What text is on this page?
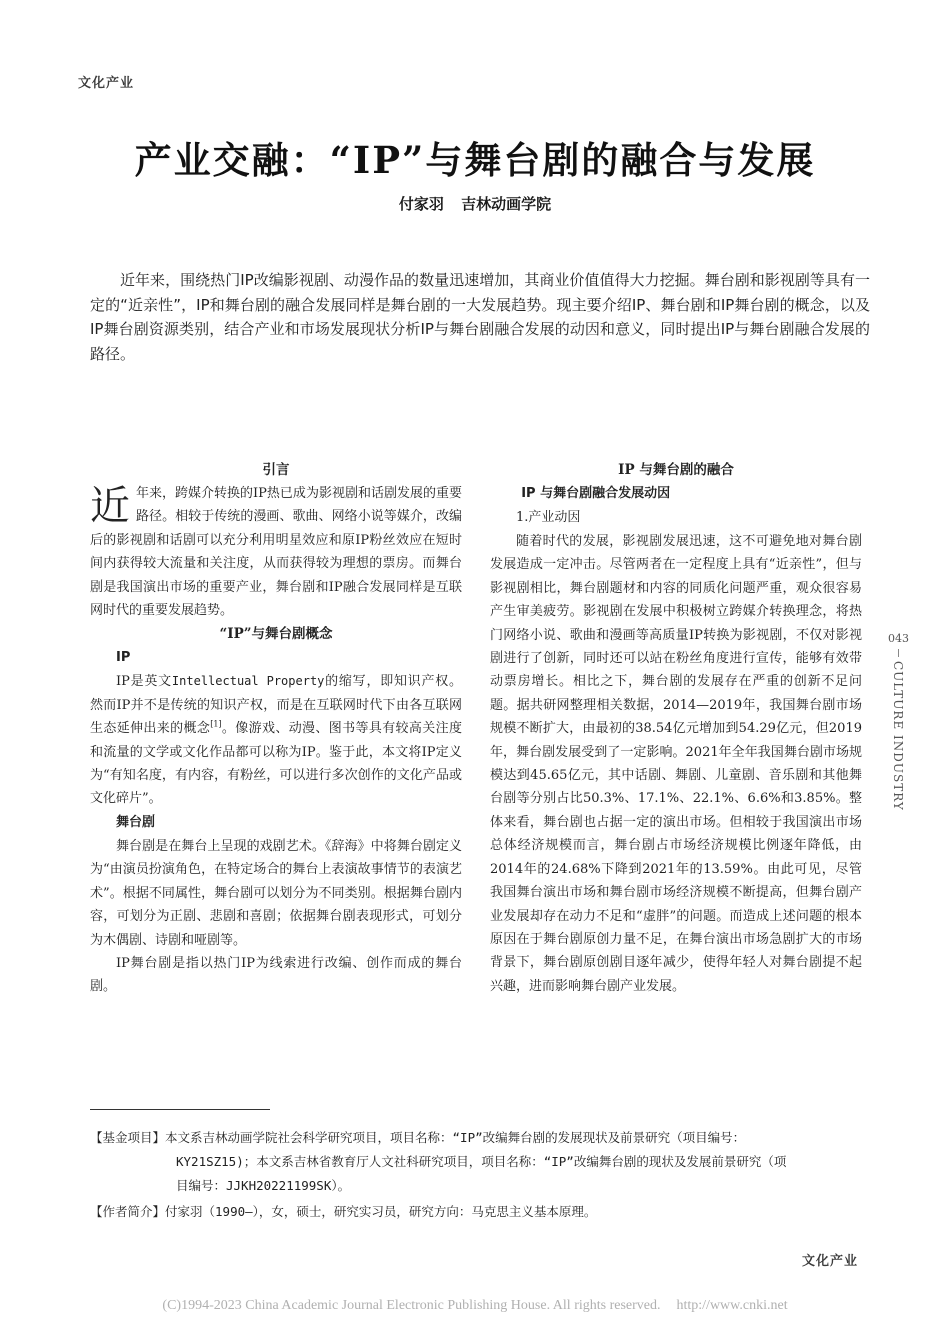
文化产业
产业交融：“IP”与舞台剧的融合与发展
付家羽 吉林动画学院
近年来，围绕热门IP改编影视剧、动漫作品的数量迅速增加，其商业价值值得大力挖掘。舞台剧和影视剧等具有一定的“近亲性”，IP和舞台剧的融合发展同样是舞台剧的一大发展趋势。现主要介绍IP、舞台剧和IP舞台剧的概念，以及IP舞台剧资源类别，结合产业和市场发展现状分析IP与舞台剧融合发展的动因和意义，同时提出IP与舞台剧融合发展的路径。
引言

近年来，跨媒介转换的IP热已成为影视剧和话剧发展的重要路径。相较于传统的漫画、歌曲、网络小说等媒介，改编后的影视剧和话剧可以充分利用明星效应和原IP粉丝效应在短时间内获得较大流量和关注度，从而获得较为理想的票房。而舞台剧是我国演出市场的重要产业，舞台剧和IP融合发展同样是互联网时代的重要发展趋势。

“IP”与舞台剧概念
IP

IP是英文Intellectual Property的缩写，即知识产权。然而IP并不是传统的知识产权，而是在互联网时代下由各互联网生态延伸出来的概念[1]。像游戏、动漫、图书等具有较高关注度和流量的文学或文化作品都可以称为IP。鉴于此，本文将IP定义为“有知名度，有内容，有粉丝，可以进行多次创作的文化产品或文化碎片”。

舞台剧

舞台剧是在舞台上呈现的戏剧艺术。《辞海》中将舞台剧定义为“由演员扮演角色，在特定场合的舞台上表演故事情节的表演艺术”。根据不同属性，舞台剧可以划分为不同类别。根据舞台剧内容，可划分为正剧、悲剧和喜剧；依据舞台剧表现形式，可划分为木偶剧、诗剧和哑剧等。

IP舞台剧是指以热门IP为线索进行改编、创作而成的舞台剧。

IP 与舞台剧的融合
IP 与舞台剧融合发展动因
1.产业动因

随着时代的发展，影视剧发展迅速，这不可避免地对舞台剧发展造成一定冲击。尽管两者在一定程度上具有“近亲性”，但与影视剧相比，舞台剧题材和内容的同质化问题严重，观众很容易产生审美疲劳。影视剧在发展中积极树立跨媒介转换理念，将热门网络小说、歌曲和漫画等高质量IP转换为影视剧，不仅对影视剧进行了创新，同时还可以站在粉丝角度进行宣传，能够有效带动票房增长。相比之下，舞台剧的发展存在严重的创新不足问题。据共研网整理相关数据，2014—2019年，我国舞台剧市场规模不断扩大，由最初的38.54亿元增加到54.29亿元，但2019年，舞台剧发展受到了一定影响。2021年全年我国舞台剧市场规模达到45.65亿元，其中话剧、舞剧、儿童剧、音乐剧和其他舞台剧等分别占比50.3%、17.1%、22.1%、6.6%和3.85%。整体来看，舞台剧也占据一定的演出市场。但相较于我国演出市场总体经济规模而言，舞台剧占市场经济规模比例逐年降低，由2014年的24.68%下降到2021年的13.59%。由此可见，尽管我国舞台演出市场和舞台剧市场经济规模不断提高，但舞台剧产业发展却存在动力不足和“虚胖”的问题。而造成上述问题的根本原因在于舞台剧原创力量不足，在舞台演出市场急剧扩大的市场背景下，舞台剧原创剧目逐年减少，使得年轻人对舞台剧提不起兴趣，进而影响舞台剧产业发展。

043
CULTURE INDUSTRY
【基金项目】 本文系吉林动画学院社会科学研究项目，项目名称：“IP”改编舞台剧的发展现状及前景研究（项目编号：
KY21SZ15)；本文系吉林省教育厅人文社科研究项目，项目名称：“IP”改编舞台剧的现状及发展前景研究（项
目编号：JJKH20221199SK）。
【作者简介】 付家羽（1990—），女，硕士，研究实习员，研究方向：马克思主义基本原理。
文化产业
(C)1994-2023 China Academic Journal Electronic Publishing House. All rights reserved. http://www.cnki.net
